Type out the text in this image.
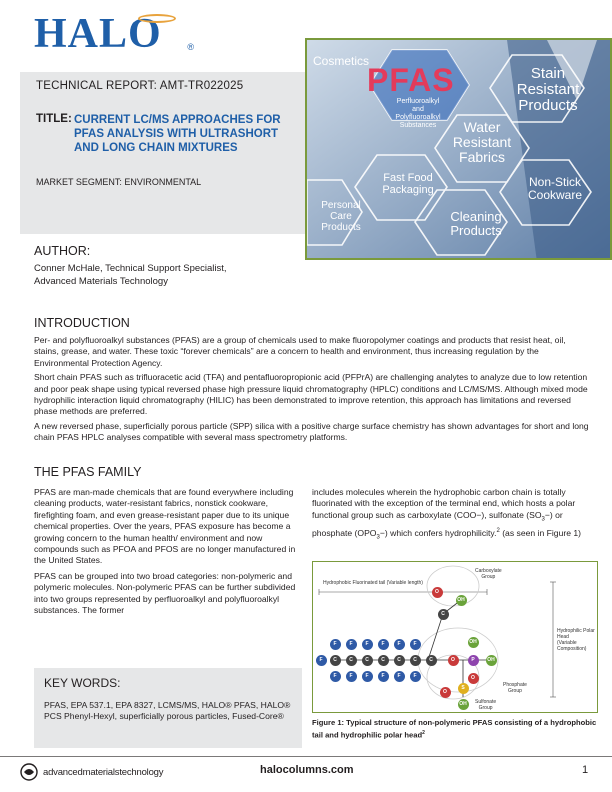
HALO	®
Cosmetics
PFAS
Perfluoroalkyl
and
Polyfluoroalkyl
Substances
Stain
Resistant
Products
Water
Resistant
Fabrics
Fast Food
Packaging
Non-Stick
Cookware
Personal
Care
Products
Cleaning
Products
TECHNICAL REPORT: AMT-TR022025
TITLE: CURRENT LC/MS APPROACHES FOR PFAS ANALYSIS WITH ULTRASHORT AND LONG CHAIN MIXTURES
MARKET SEGMENT: ENVIRONMENTAL
AUTHOR:
Conner McHale, Technical Support Specialist,
Advanced Materials Technology
INTRODUCTION

Per- and polyfluoroalkyl substances (PFAS) are a group of chemicals used to make fluoropolymer coatings and products that resist heat, oil, stains, grease, and water. These toxic “forever chemicals” are a concern to health and environment, thus increasing regulation by the Environmental Protection Agency.

Short chain PFAS such as trifluoracetic acid (TFA) and pentafluoropropionic acid (PFPrA) are challenging analytes to analyze due to low retention and poor peak shape using typical reversed phase high pressure liquid chromatography (HPLC) conditions and LC/MS/MS. Although mixed mode hydrophilic interaction liquid chromatography (HILIC) has been demonstrated to improve retention, this approach has limitations and reversed phase methods are preferred.

A new reversed phase, superficially porous particle (SPP) silica with a positive charge surface chemistry has shown advantages for short and long chain PFAS HPLC analyses compatible with several mass spectrometry platforms.

THE PFAS FAMILY

PFAS are man-made chemicals that are found everywhere including cleaning products, water-resistant fabrics, nonstick cookware, firefighting foam, and even grease-resistant paper due to its unique chemical properties. Over the years, PFAS exposure has become a growing concern to the human health/ environment and now compounds such as PFOA and PFOS are no longer manufactured in the United States.

PFAS can be grouped into two broad categories: non-polymeric and polymeric molecules. Non-polymeric PFAS can be further subdivided into two groups represented by perfluoroalkyl and polyfluoroalkyl substances. The former

includes molecules wherein the hydrophobic carbon chain is totally fluorinated with the exception of the terminal end, which hosts a polar functional group such as carboxylate (COO−), sulfonate $(SO_3-)$ or phosphate $(OPO_3-)$ which confers hydrophilicity.$^2$ (as seen in Figure 1)
KEY WORDS:
PFAS, EPA 537.1, EPA 8327, LCMS/MS, HALO® PFAS, HALO® PCS Phenyl-Hexyl, superficially porous particles, Fused-Core®
Hydrophobic Fluorinated tail (Variable length)
Hydrophilic Polar Head
(Variable Composition)
Carboxylate
Group
Phosphate
Group
Sulfonate
Group
F	C
F
F
C
F
F
C
F
F
C
F
F
C
F
F
C
F
F
C
C
OH
O
O	P	OH
OH
O
S
O
OH
Figure 1: Typical structure of non-polymeric PFAS consisting of a hydrophobic tail and hydrophilic polar head$^2$
advancedmaterialstechnology	halocolumns.com	1
